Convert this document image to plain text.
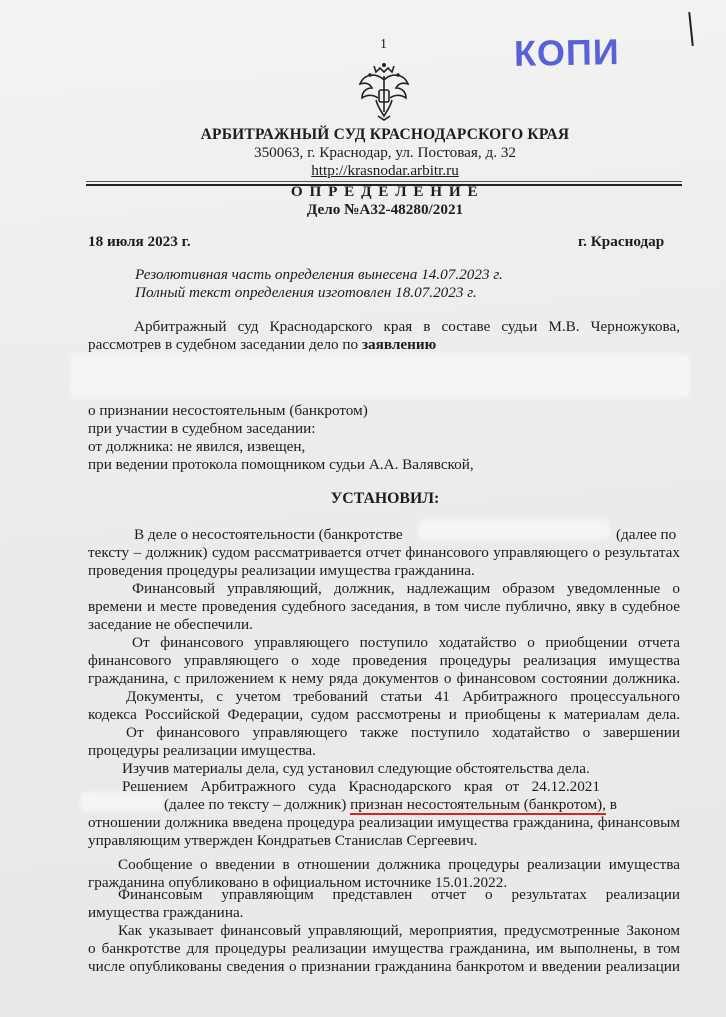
1	КОПИ
АРБИТРАЖНЫЙ СУД КРАСНОДАРСКОГО КРАЯ
350063, г. Краснодар, ул. Постовая, д. 32
http://krasnodar.arbitr.ru
О П Р Е Д Е Л Е Н И Е
Дело №А32-48280/2021
18 июля 2023 г.	г. Краснодар
Резолютивная часть определения вынесена 14.07.2023 г.
Полный текст определения изготовлен 18.07.2023 г.
Арбитражный суд Краснодарского края в составе судьи М.В. Черножукова,
рассмотрев в судебном заседании дело по заявлению
о признании несостоятельным (банкротом)
при участии в судебном заседании:
от должника: не явился, извещен,
при ведении протокола помощником судьи А.А. Валявской,
УСТАНОВИЛ:
В деле о несостоятельности (банкротстве	(далее по
тексту – должник) судом рассматривается отчет финансового управляющего о результатах
проведения процедуры реализации имущества гражданина.
Финансовый управляющий, должник, надлежащим образом уведомленные о
времени и месте проведения судебного заседания, в том числе публично, явку в судебное
заседание не обеспечили.
От финансового управляющего поступило ходатайство о приобщении отчета
финансового управляющего о ходе проведения процедуры реализация имущества
гражданина, с приложением к нему ряда документов о финансовом состоянии должника.
Документы, с учетом требований статьи 41 Арбитражного процессуального
кодекса Российской Федерации, судом рассмотрены и приобщены к материалам дела.
От финансового управляющего также поступило ходатайство о завершении
процедуры реализации имущества.
Изучив материалы дела, суд установил следующие обстоятельства дела.
Решением Арбитражного суда Краснодарского края от 24.12.2021
(далее по тексту – должник) признан несостоятельным (банкротом), в
отношении должника введена процедура реализации имущества гражданина, финансовым
управляющим утвержден Кондратьев Станислав Сергеевич.
Сообщение о введении в отношении должника процедуры реализации имущества
гражданина опубликовано в официальном источнике 15.01.2022.
Финансовым управляющим представлен отчет о результатах реализации
имущества гражданина.
Как указывает финансовый управляющий, мероприятия, предусмотренные Законом
о банкротстве для процедуры реализации имущества гражданина, им выполнены, в том
числе опубликованы сведения о признании гражданина банкротом и введении реализации
